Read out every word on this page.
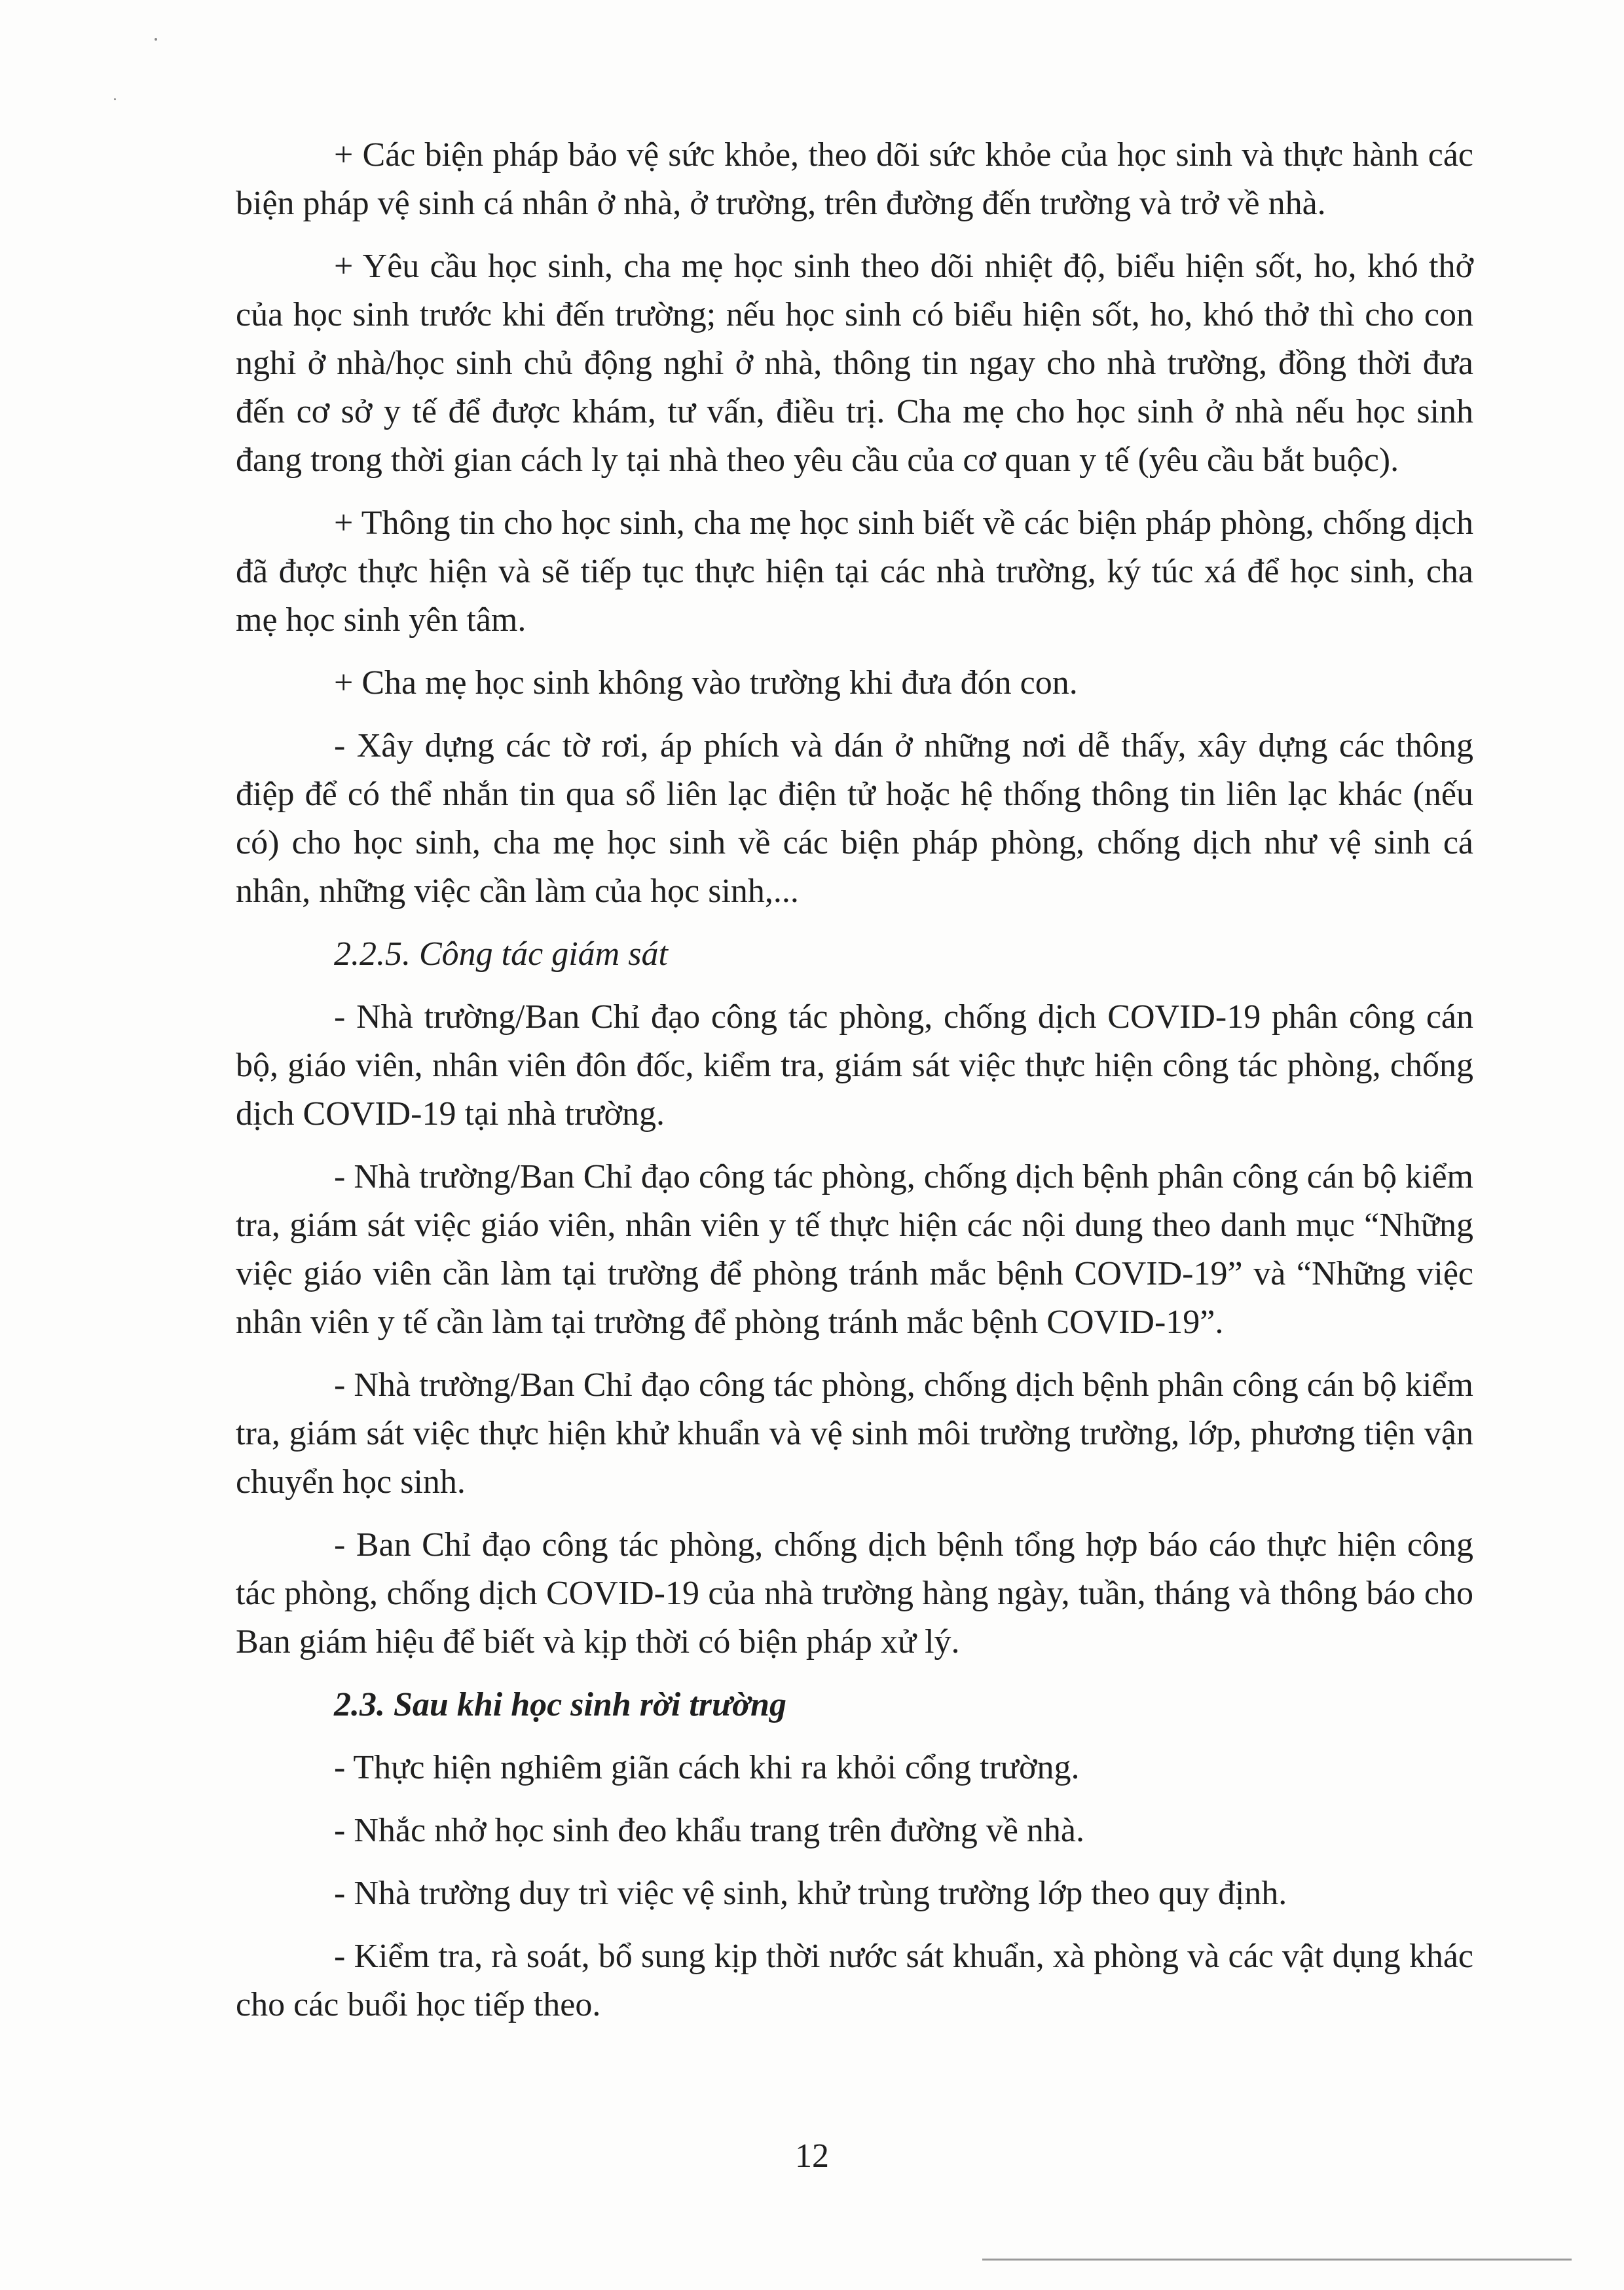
+ Các biện pháp bảo vệ sức khỏe, theo dõi sức khỏe của học sinh và thực hành các biện pháp vệ sinh cá nhân ở nhà, ở trường, trên đường đến trường và trở về nhà.

+ Yêu cầu học sinh, cha mẹ học sinh theo dõi nhiệt độ, biểu hiện sốt, ho, khó thở của học sinh trước khi đến trường; nếu học sinh có biểu hiện sốt, ho, khó thở thì cho con nghỉ ở nhà/học sinh chủ động nghỉ ở nhà, thông tin ngay cho nhà trường, đồng thời đưa đến cơ sở y tế để được khám, tư vấn, điều trị. Cha mẹ cho học sinh ở nhà nếu học sinh đang trong thời gian cách ly tại nhà theo yêu cầu của cơ quan y tế (yêu cầu bắt buộc).

+ Thông tin cho học sinh, cha mẹ học sinh biết về các biện pháp phòng, chống dịch đã được thực hiện và sẽ tiếp tục thực hiện tại các nhà trường, ký túc xá để học sinh, cha mẹ học sinh yên tâm.

+ Cha mẹ học sinh không vào trường khi đưa đón con.

- Xây dựng các tờ rơi, áp phích và dán ở những nơi dễ thấy, xây dựng các thông điệp để có thể nhắn tin qua sổ liên lạc điện tử hoặc hệ thống thông tin liên lạc khác (nếu có) cho học sinh, cha mẹ học sinh về các biện pháp phòng, chống dịch như vệ sinh cá nhân, những việc cần làm của học sinh,...

2.2.5. Công tác giám sát

- Nhà trường/Ban Chỉ đạo công tác phòng, chống dịch COVID-19 phân công cán bộ, giáo viên, nhân viên đôn đốc, kiểm tra, giám sát việc thực hiện công tác phòng, chống dịch COVID-19 tại nhà trường.

- Nhà trường/Ban Chỉ đạo công tác phòng, chống dịch bệnh phân công cán bộ kiểm tra, giám sát việc giáo viên, nhân viên y tế thực hiện các nội dung theo danh mục “Những việc giáo viên cần làm tại trường để phòng tránh mắc bệnh COVID-19” và “Những việc nhân viên y tế cần làm tại trường để phòng tránh mắc bệnh COVID-19”.

- Nhà trường/Ban Chỉ đạo công tác phòng, chống dịch bệnh phân công cán bộ kiểm tra, giám sát việc thực hiện khử khuẩn và vệ sinh môi trường trường, lớp, phương tiện vận chuyển học sinh.

- Ban Chỉ đạo công tác phòng, chống dịch bệnh tổng hợp báo cáo thực hiện công tác phòng, chống dịch COVID-19 của nhà trường hàng ngày, tuần, tháng và thông báo cho Ban giám hiệu để biết và kịp thời có biện pháp xử lý.

2.3. Sau khi học sinh rời trường

- Thực hiện nghiêm giãn cách khi ra khỏi cổng trường.

- Nhắc nhở học sinh đeo khẩu trang trên đường về nhà.

- Nhà trường duy trì việc vệ sinh, khử trùng trường lớp theo quy định.

- Kiểm tra, rà soát, bổ sung kịp thời nước sát khuẩn, xà phòng và các vật dụng khác cho các buổi học tiếp theo.

12
